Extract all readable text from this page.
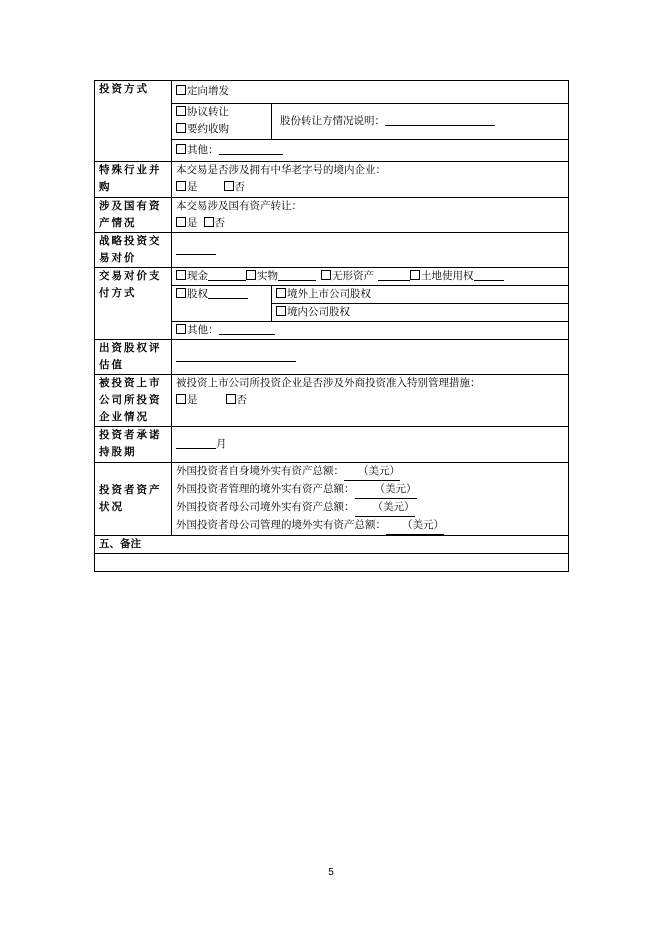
投资方式	定向增发	

	协议转让
要约收购	股份转让方情况说明：
	其他：	
特殊行业并购	本交易是否涉及拥有中华老字号的境内企业：
是 否	

涉及国有资产情况	本交易涉及国有资产转让：
是 否	

战略投资交易对价		
交易对价支付方式	现金 实物 无形资产 土地使用权	
	股权	境外上市公司股权
		境内公司股权
	其他：	
出资股权评估值		
被投资上市公司所投资企业情况	被投资上市公司所投资企业是否涉及外商投资准入特别管理措施：
是 否	

投资者承诺持股期	月	
投资者资产状况	外国投资者自身境外实有资产总额： （美元）
外国投资者管理的境外实有资产总额： （美元）
外国投资者母公司境外实有资产总额： （美元）
外国投资者母公司管理的境外实有资产总额： （美元）	

五、备注		

5
